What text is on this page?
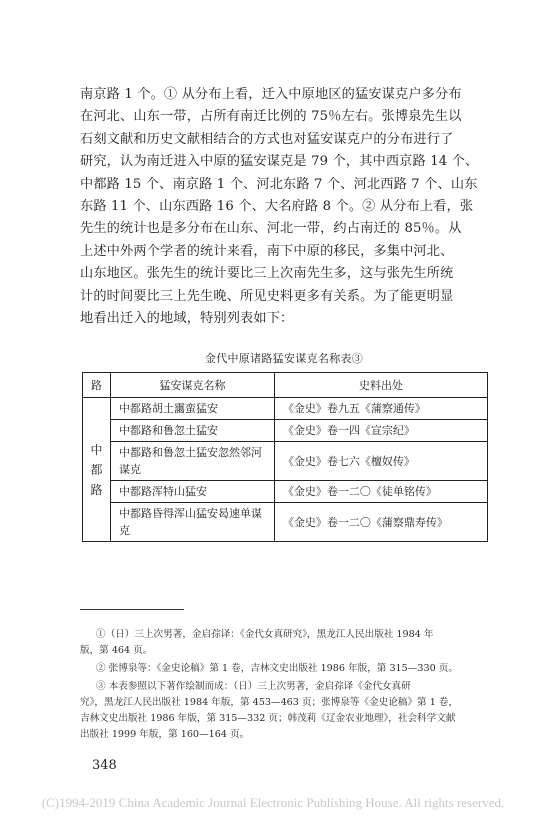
南京路 1 个。① 从分布上看，迁入中原地区的猛安谋克户多分布
在河北、山东一带，占所有南迁比例的 75％左右。张博泉先生以
石刻文献和历史文献相结合的方式也对猛安谋克户的分布进行了
研究，认为南迁进入中原的猛安谋克是 79 个，其中西京路 14 个、
中都路 15 个、南京路 1 个、河北东路 7 个、河北西路 7 个、山东
东路 11 个、山东西路 16 个、大名府路 8 个。② 从分布上看，张
先生的统计也是多分布在山东、河北一带，约占南迁的 85％。从
上述中外两个学者的统计来看，南下中原的移民，多集中河北、
山东地区。张先生的统计要比三上次南先生多，这与张先生所统
计的时间要比三上先生晚、所见史料更多有关系。为了能更明显
地看出迁入的地域，特别列表如下：
金代中原诸路猛安谋克名称表③
路	猛安谋克名称	史料出处

中
都
路	中都路胡土靄蛮猛安	《金史》卷九五《蒲察通传》
	中都路和鲁忽土猛安	《金史》卷一四《宣宗纪》
	中都路和鲁忽土猛安忽然邻河谋克	《金史》卷七六《檀奴传》
	中都路浑特山猛安	《金史》卷一二〇《徒单铭传》
	中都路昏得浑山猛安曷速单谋克	《金史》卷一二〇《蒲察鼎寿传》
①（日）三上次男著，金启孮译：《金代女真研究》，黑龙江人民出版社 1984 年
版，第 464 页。
② 张博泉等：《金史论稿》第 1 卷，吉林文史出版社 1986 年版，第 315—330 页。
③ 本表参照以下著作绘制而成：（日）三上次男著，金启孮译《金代女真研
究》，黑龙江人民出版社 1984 年版，第 453—463 页；张博泉等《金史论稿》第 1 卷，
吉林文史出版社 1986 年版，第 315—332 页；韩茂莉《辽金农业地理》，社会科学文献
出版社 1999 年版，第 160—164 页。
348
(C)1994-2019 China Academic Journal Electronic Publishing House. All rights reserved.
